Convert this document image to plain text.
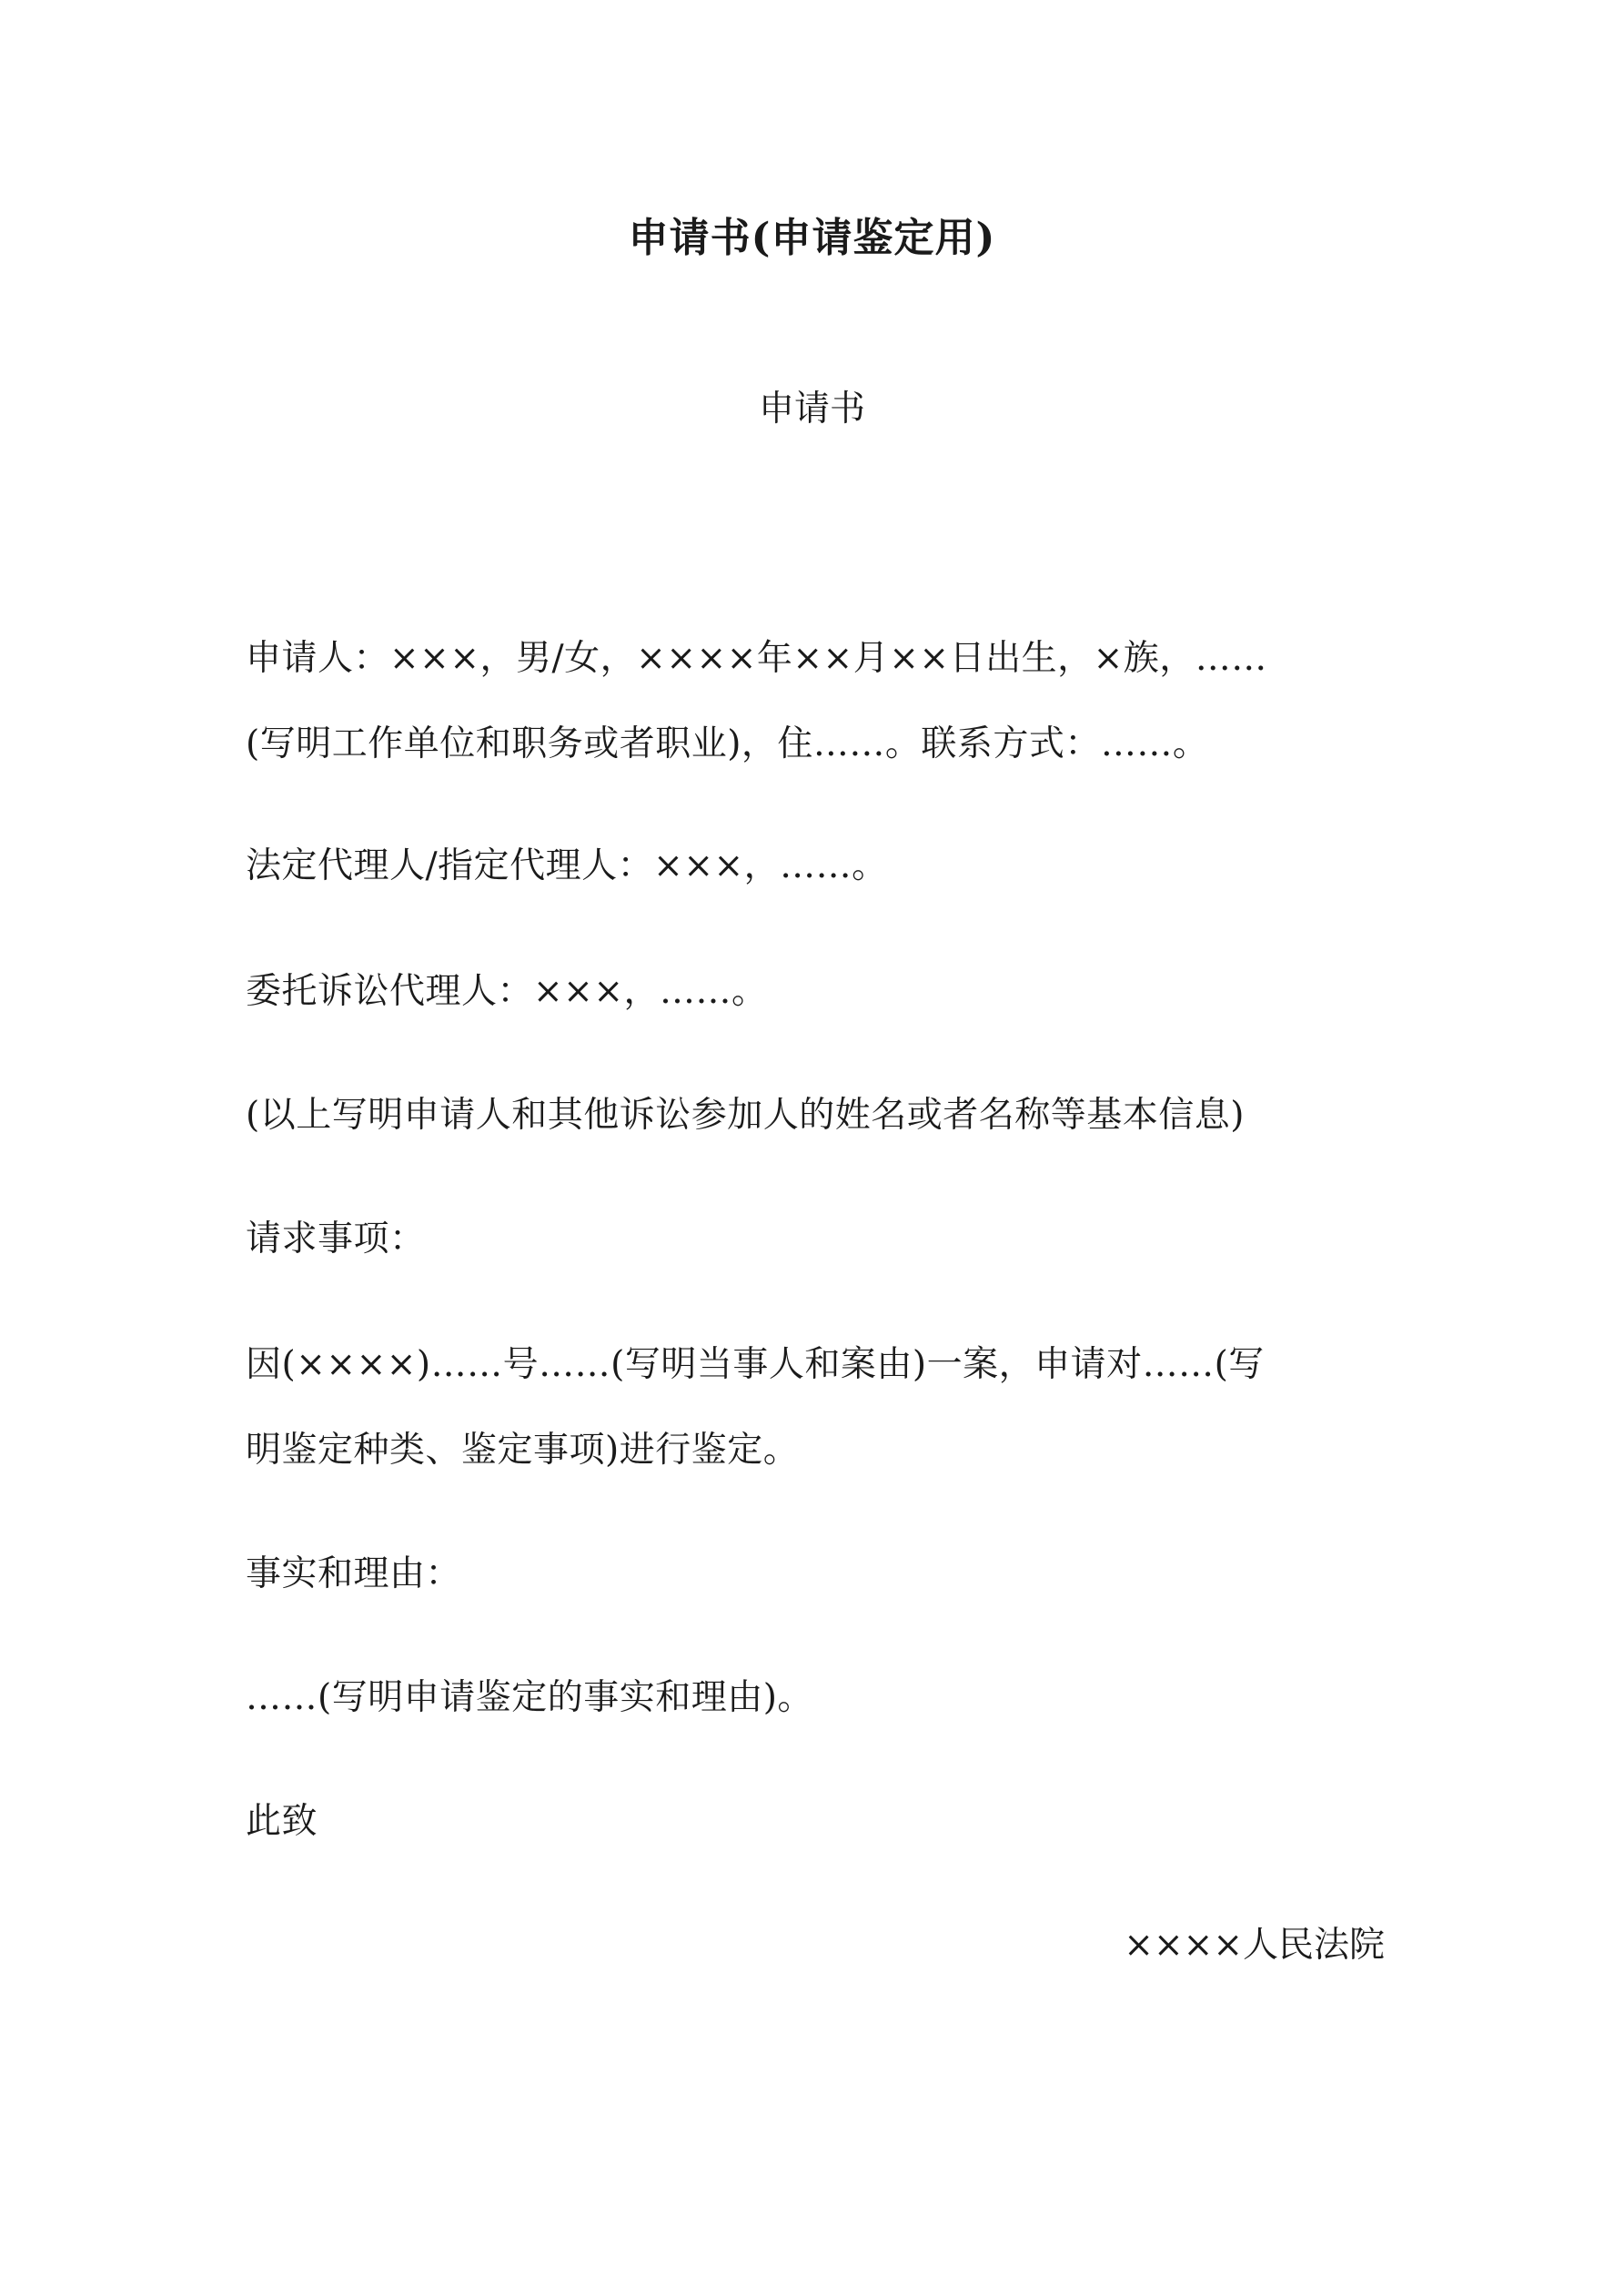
申请书(申请鉴定用)
申请书
申请人：×××，男/女，××××年××月××日出生，×族，……
(写明工作单位和职务或者职业)，住……。联系方式：……。
法定代理人/指定代理人：×××，……。
委托诉讼代理人：×××，……。
(以上写明申请人和其他诉讼参加人的姓名或者名称等基本信息)
请求事项：
因(××××)……号……(写明当事人和案由)一案，申请对……(写
明鉴定种类、鉴定事项)进行鉴定。
事实和理由：
……(写明申请鉴定的事实和理由)。
此致
××××人民法院
